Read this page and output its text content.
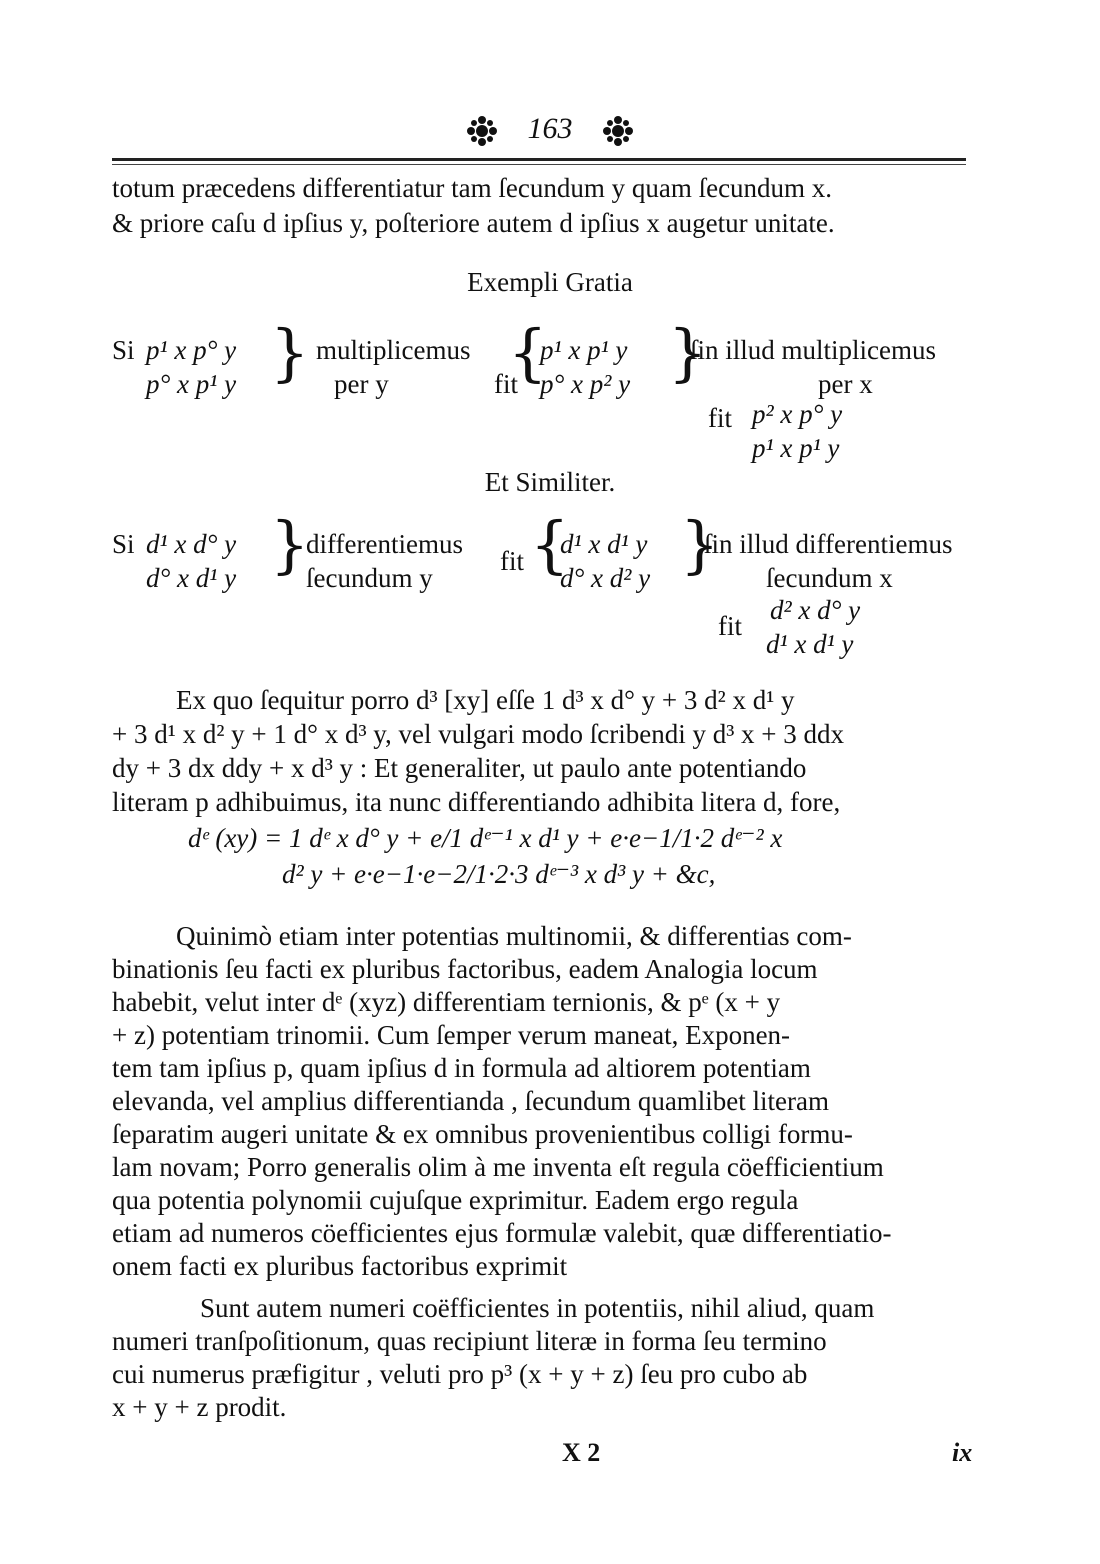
163
totum præcedens differentiatur tam ſecundum y quam ſecundum x.
& priore caſu d ipſius y, poſteriore autem d ipſius x augetur unitate.
Exempli Gratia
Si p¹ x p° y
p° x p¹ y } multiplicemus
per y	fit
{
p¹ x p¹ y
p° x p² y }
ſin illud multiplicemus
per x
fit p² x p° y
p¹ x p¹ y
Et Similiter.
Si d¹ x d° y
d° x d¹ y }
differentiemus
ſecundum y
fit {
d¹ x d¹ y
d° x d² y }
ſin illud differentiemus
ſecundum x
fit
d² x d° y
d¹ x d¹ y
Ex quo ſequitur porro d³ [xy] eſſe 1 d³ x d° y + 3 d² x d¹ y
+ 3 d¹ x d² y + 1 d° x d³ y, vel vulgari modo ſcribendi y d³ x + 3 ddx
dy + 3 dx ddy + x d³ y : Et generaliter, ut paulo ante potentiando
literam p adhibuimus, ita nunc differentiando adhibita litera d, fore,
dᵉ (xy) = 1 dᵉ x d° y + e/1 dᵉ⁻¹ x d¹ y + e·e−1/1·2 dᵉ⁻² x
d² y + e·e−1·e−2/1·2·3 dᵉ⁻³ x d³ y + &c,
Quinimò etiam inter potentias multinomii, & differentias com-
binationis ſeu facti ex pluribus factoribus, eadem Analogia locum
habebit, velut inter dᵉ (xyz) differentiam ternionis, & pᵉ (x + y
+ z) potentiam trinomii. Cum ſemper verum maneat, Exponen-
tem tam ipſius p, quam ipſius d in formula ad altiorem potentiam
elevanda, vel amplius differentianda , ſecundum quamlibet literam
ſeparatim augeri unitate & ex omnibus provenientibus colligi formu-
lam novam; Porro generalis olim à me inventa eſt regula cöefficientium
qua potentia polynomii cujuſque exprimitur. Eadem ergo regula
etiam ad numeros cöefficientes ejus formulæ valebit, quæ differentiatio-
onem facti ex pluribus factoribus exprimit
Sunt autem numeri coëfficientes in potentiis, nihil aliud, quam
numeri tranſpoſitionum, quas recipiunt literæ in forma ſeu termino
cui numerus præfigitur , veluti pro p³ (x + y + z) ſeu pro cubo ab
x + y + z prodit.
X 2	ix
